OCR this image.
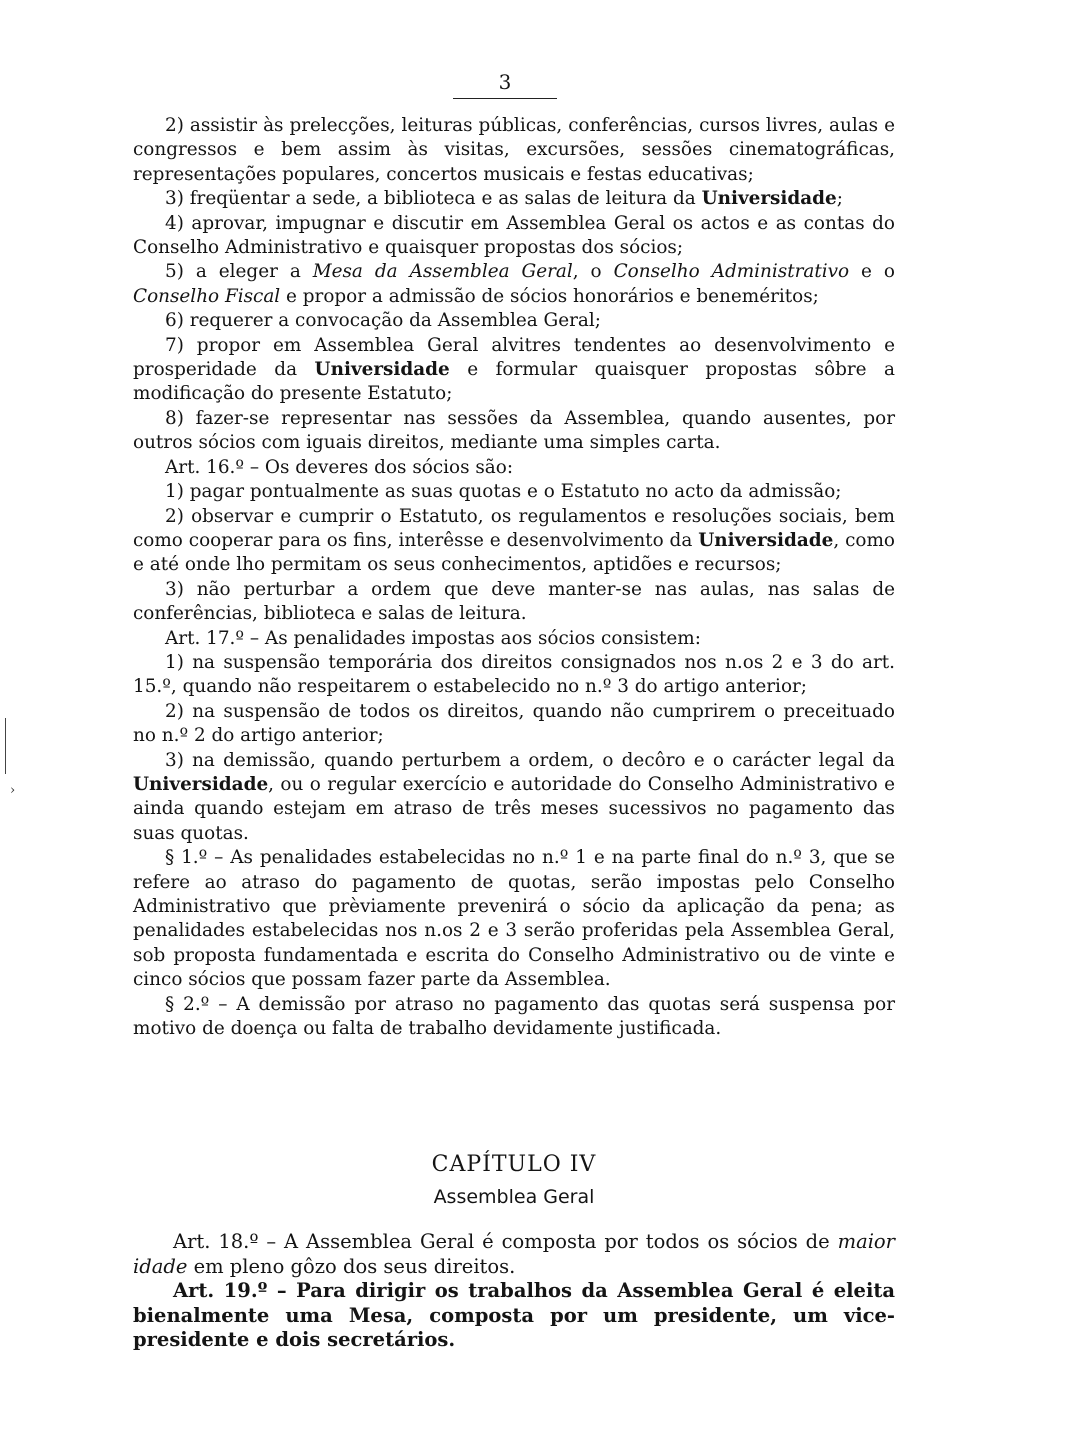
3
›

2) assistir às prelecções, leituras públicas, conferências, cursos livres, aulas e congressos e bem assim às visitas, excursões, sessões cinematográficas, representações populares, concertos musicais e festas educativas;

3) freqüentar a sede, a biblioteca e as salas de leitura da Universidade;

4) aprovar, impugnar e discutir em Assemblea Geral os actos e as contas do Conselho Administrativo e quaisquer propostas dos sócios;

5) a eleger a Mesa da Assemblea Geral, o Conselho Administrativo e o Conselho Fiscal e propor a admissão de sócios honorários e beneméritos;

6) requerer a convocação da Assemblea Geral;

7) propor em Assemblea Geral alvitres tendentes ao desenvolvimento e prosperidade da Universidade e formular quaisquer propostas sôbre a modificação do presente Estatuto;

8) fazer-se representar nas sessões da Assemblea, quando ausentes, por outros sócios com iguais direitos, mediante uma simples carta.

Art. 16.º – Os deveres dos sócios são:

1) pagar pontualmente as suas quotas e o Estatuto no acto da admissão;

2) observar e cumprir o Estatuto, os regulamentos e resoluções sociais, bem como cooperar para os fins, interêsse e desenvolvimento da Universidade, como e até onde lho permitam os seus conhecimentos, aptidões e recursos;

3) não perturbar a ordem que deve manter-se nas aulas, nas salas de conferências, biblioteca e salas de leitura.

Art. 17.º – As penalidades impostas aos sócios consistem:

1) na suspensão temporária dos direitos consignados nos n.os 2 e 3 do art. 15.º, quando não respeitarem o estabelecido no n.º 3 do artigo anterior;

2) na suspensão de todos os direitos, quando não cumprirem o preceituado no n.º 2 do artigo anterior;

3) na demissão, quando perturbem a ordem, o decôro e o carácter legal da Universidade, ou o regular exercício e autoridade do Conselho Administrativo e ainda quando estejam em atraso de três meses sucessivos no pagamento das suas quotas.

§ 1.º – As penalidades estabelecidas no n.º 1 e na parte final do n.º 3, que se refere ao atraso do pagamento de quotas, serão impostas pelo Conselho Administrativo que prèviamente prevenirá o sócio da aplicação da pena; as penalidades estabelecidas nos n.os 2 e 3 serão proferidas pela Assemblea Geral, sob proposta fundamentada e escrita do Conselho Administrativo ou de vinte e cinco sócios que possam fazer parte da Assemblea.

§ 2.º – A demissão por atraso no pagamento das quotas será suspensa por motivo de doença ou falta de trabalho devidamente justificada.

CAPÍTULO IV
Assemblea Geral

Art. 18.º – A Assemblea Geral é composta por todos os sócios de maior idade em pleno gôzo dos seus direitos.

Art. 19.º – Para dirigir os trabalhos da Assemblea Geral é eleita bienalmente uma Mesa, composta por um presidente, um vice-presidente e dois secretários.
